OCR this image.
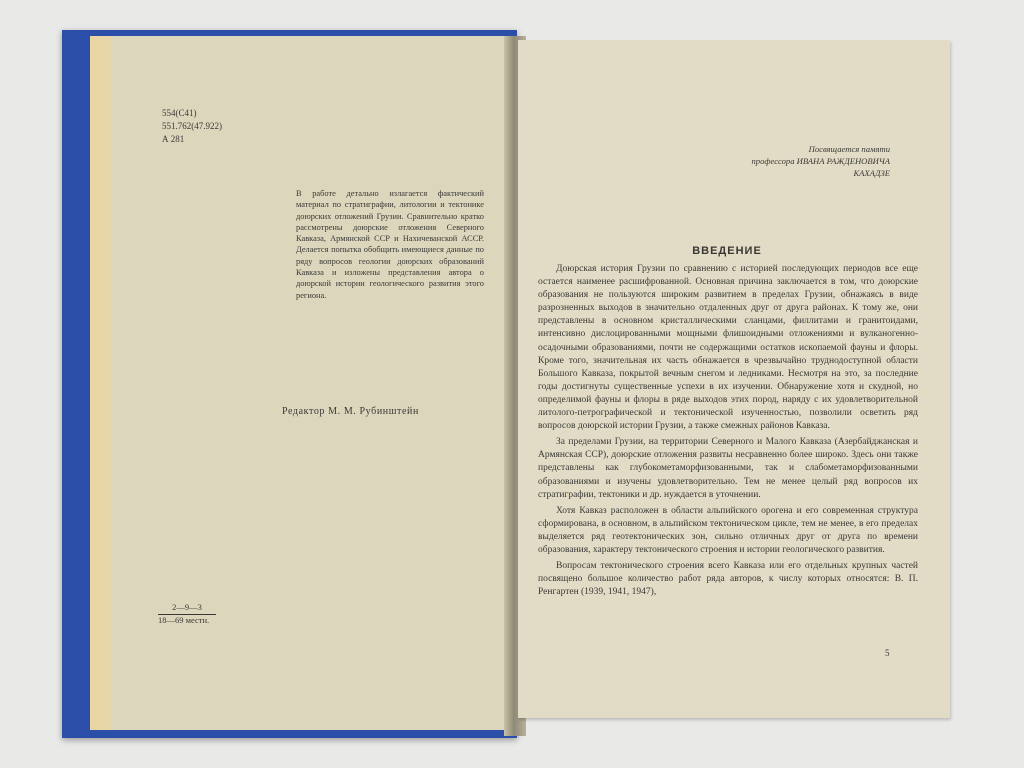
554(С41)
551.762(47.922)
А 281

В работе детально излагается фактический материал по стратиграфии, литологии и тектонике доюрских отложений Грузии. Сравнительно кратко рассмотрены доюрские отложения Северного Кавказа, Армянской ССР и Нахичеванской АССР. Делается попытка обобщить имеющиеся данные по ряду вопросов геологии доюрских образований Кавказа и изложены представления автора о доюрской истории геологического развития этого региона.

Редактор М. М. Рубинштейн
2—9—3
18—69 местн.
Посвящается памяти
профессора ИВАНА РАЖДЕНОВИЧА
КАХАДЗЕ
ВВЕДЕНИЕ

Доюрская история Грузии по сравнению с историей последующих периодов все еще остается наименее расшифрованной. Основная причина заключается в том, что доюрские образования не пользуются широким развитием в пределах Грузии, обнажаясь в виде разрозненных выходов в значительно отдаленных друг от друга районах. К тому же, они представлены в основном кристаллическими сланцами, филлитами и гранитоидами, интенсивно дислоцированными мощными флишоидными отложениями и вулканогенно-осадочными образованиями, почти не содержащими остатков ископаемой фауны и флоры. Кроме того, значительная их часть обнажается в чрезвычайно труднодоступной области Большого Кавказа, покрытой вечным снегом и ледниками. Несмотря на это, за последние годы достигнуты существенные успехи в их изучении. Обнаружение хотя и скудной, но определимой фауны и флоры в ряде выходов этих пород, наряду с их удовлетворительной литолого-петрографической и тектонической изученностью, позволили осветить ряд вопросов доюрской истории Грузии, а также смежных районов Кавказа.

За пределами Грузии, на территории Северного и Малого Кавказа (Азербайджанская и Армянская ССР), доюрские отложения развиты несравненно более широко. Здесь они также представлены как глубокометаморфизованными, так и слабометаморфизованными образованиями и изучены удовлетворительно. Тем не менее целый ряд вопросов их стратиграфии, тектоники и др. нуждается в уточнении.

Хотя Кавказ расположен в области альпийского орогена и его современная структура сформирована, в основном, в альпийском тектоническом цикле, тем не менее, в его пределах выделяется ряд геотектонических зон, сильно отличных друг от друга по времени образования, характеру тектонического строения и истории геологического развития.

Вопросам тектонического строения всего Кавказа или его отдельных крупных частей посвящено большое количество работ ряда авторов, к числу которых относятся: В. П. Ренгартен (1939, 1941, 1947),

5
